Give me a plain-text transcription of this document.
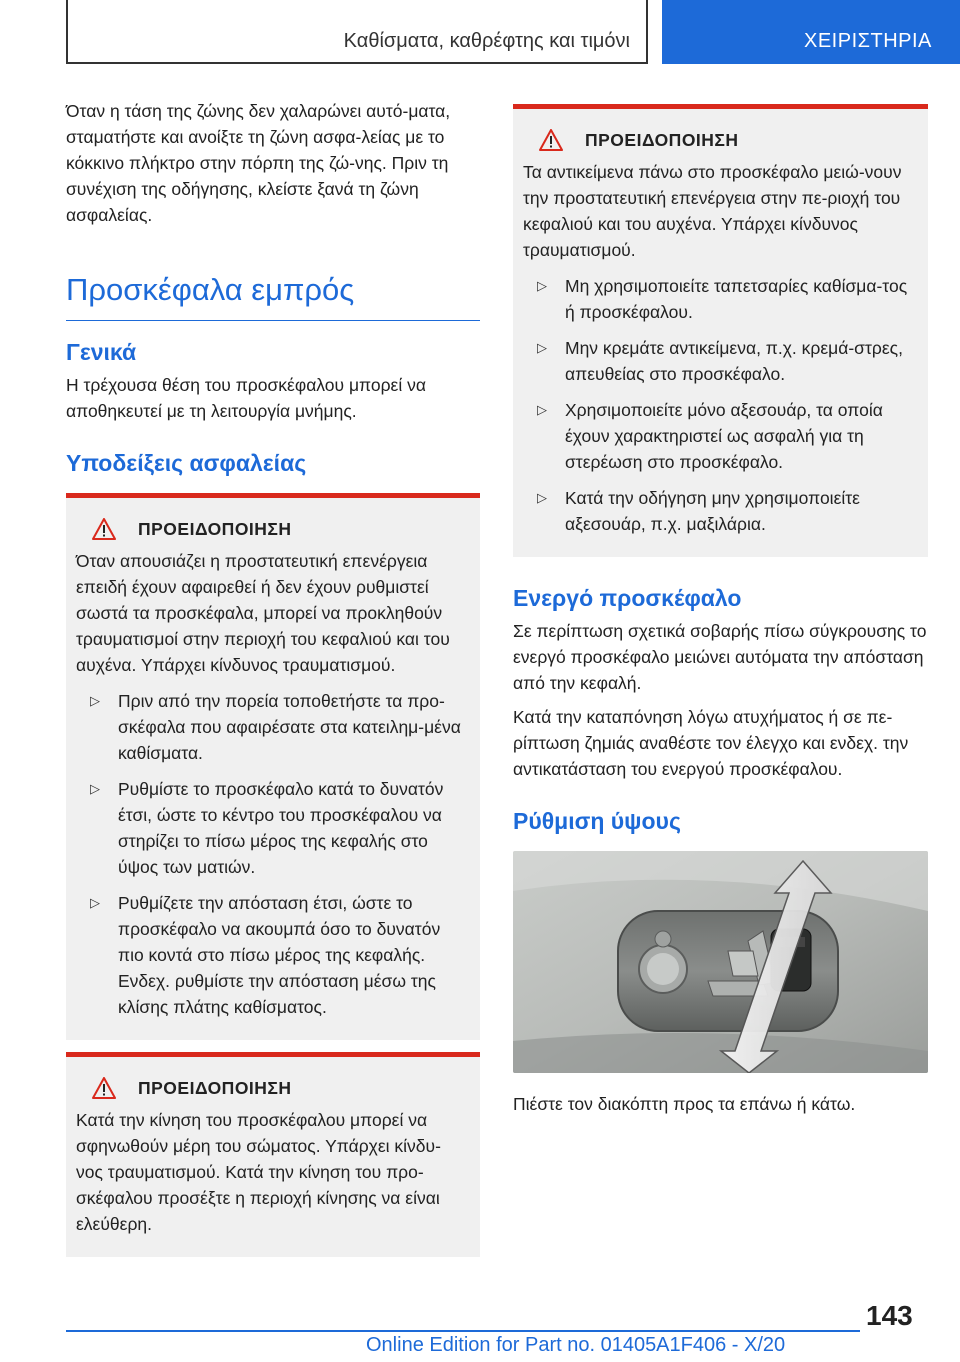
Καθίσματα, καθρέφτης και τιμόνι	ΧΕΙΡΙΣΤΗΡΙΑ

Όταν η τάση της ζώνης δεν χαλαρώνει αυτό-ματα, σταματήστε και ανοίξτε τη ζώνη ασφα-λείας με το κόκκινο πλήκτρο στην πόρπη της ζώ-νης. Πριν τη συνέχιση της οδήγησης, κλείστε ξανά τη ζώνη ασφαλείας.

Προσκέφαλα εμπρός
Γενικά

Η τρέχουσα θέση του προσκέφαλου μπορεί να αποθηκευτεί με τη λειτουργία μνήμης.

Υποδείξεις ασφαλείας
ΠΡΟΕΙΔΟΠΟΙΗΣΗ
Όταν απουσιάζει η προστατευτική επενέργεια επειδή έχουν αφαιρεθεί ή δεν έχουν ρυθμιστεί σωστά τα προσκέφαλα, μπορεί να προκληθούν τραυματισμοί στην περιοχή του κεφαλιού και του αυχένα. Υπάρχει κίνδυνος τραυματισμού.
▷	Πριν από την πορεία τοποθετήστε τα προ-σκέφαλα που αφαιρέσατε στα κατειλημ-μένα καθίσματα.
▷	Ρυθμίστε το προσκέφαλο κατά το δυνατόν έτσι, ώστε το κέντρο του προσκέφαλου να στηρίζει το πίσω μέρος της κεφαλής στο ύψος των ματιών.
▷	Ρυθμίζετε την απόσταση έτσι, ώστε το προσκέφαλο να ακουμπά όσο το δυνατόν πιο κοντά στο πίσω μέρος της κεφαλής. Ενδεχ. ρυθμίστε την απόσταση μέσω της κλίσης πλάτης καθίσματος.
ΠΡΟΕΙΔΟΠΟΙΗΣΗ
Κατά την κίνηση του προσκέφαλου μπορεί να σφηνωθούν μέρη του σώματος. Υπάρχει κίνδυ-νος τραυματισμού. Κατά την κίνηση του προ-σκέφαλου προσέξτε η περιοχή κίνησης να είναι ελεύθερη.
ΠΡΟΕΙΔΟΠΟΙΗΣΗ
Τα αντικείμενα πάνω στο προσκέφαλο μειώ-νουν την προστατευτική επενέργεια στην πε-ριοχή του κεφαλιού και του αυχένα. Υπάρχει κίνδυνος τραυματισμού.
▷	Μη χρησιμοποιείτε ταπετσαρίες καθίσμα-τος ή προσκέφαλου.
▷	Μην κρεμάτε αντικείμενα, π.χ. κρεμά-στρες, απευθείας στο προσκέφαλο.
▷	Χρησιμοποιείτε μόνο αξεσουάρ, τα οποία έχουν χαρακτηριστεί ως ασφαλή για τη στερέωση στο προσκέφαλο.
▷	Κατά την οδήγηση μην χρησιμοποιείτε αξεσουάρ, π.χ. μαξιλάρια.
Ενεργό προσκέφαλο

Σε περίπτωση σχετικά σοβαρής πίσω σύγκρουσης το ενεργό προσκέφαλο μειώνει αυτόματα την απόσταση από την κεφαλή.

Κατά την καταπόνηση λόγω ατυχήματος ή σε πε-ρίπτωση ζημιάς αναθέστε τον έλεγχο και ενδεχ. την αντικατάσταση του ενεργού προσκέφαλου.

Ρύθμιση ύψους

Πιέστε τον διακόπτη προς τα επάνω ή κάτω.

143
Online Edition for Part no. 01405A1F406 - X/20
